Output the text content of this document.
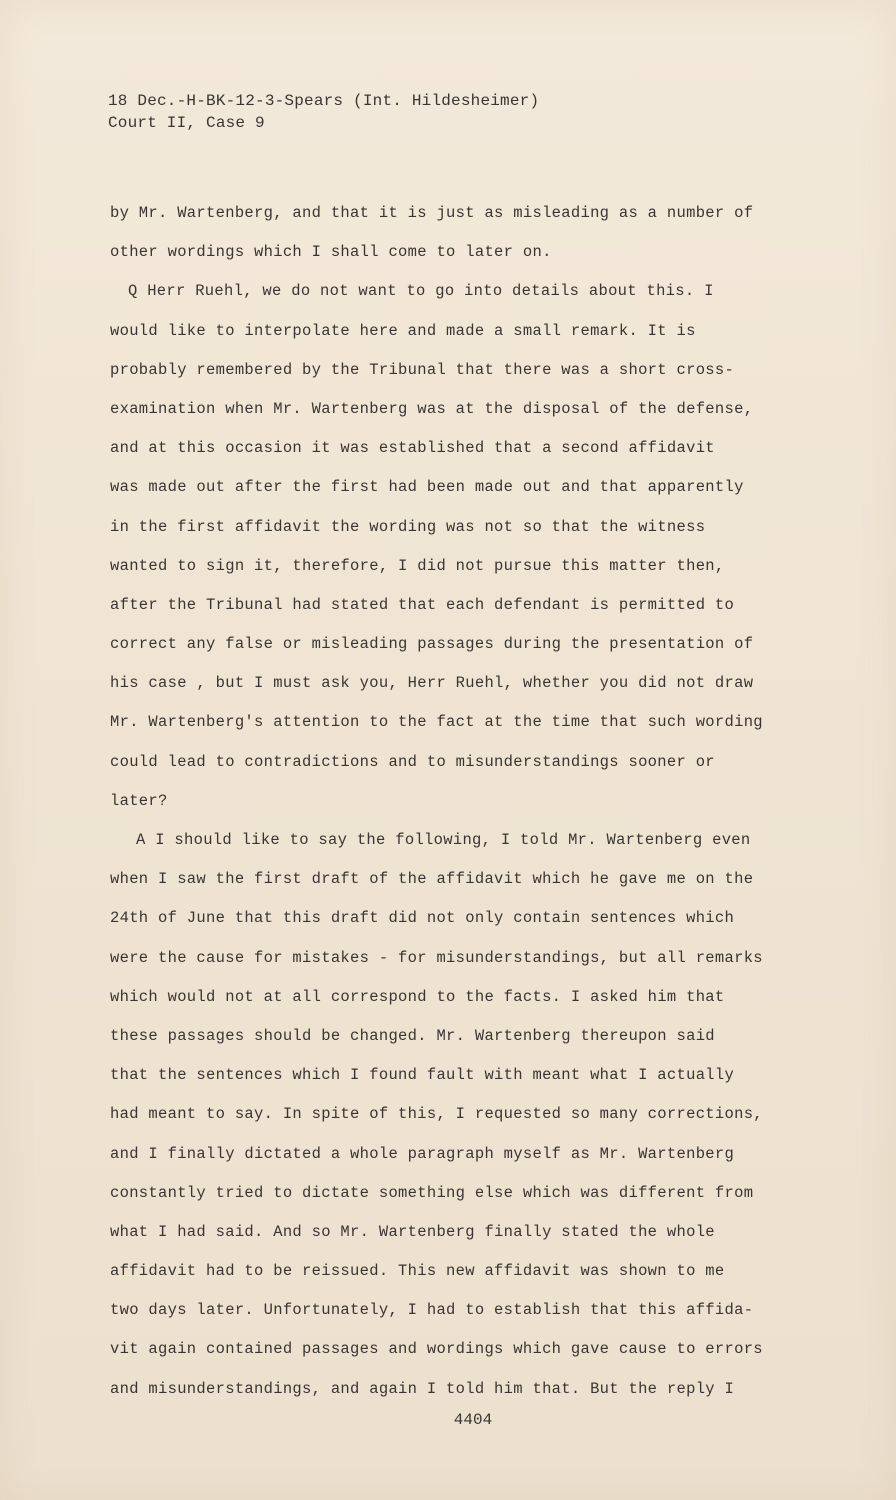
18 Dec.-H-BK-12-3-Spears (Int. Hildesheimer)
Court II, Case 9
by Mr. Wartenberg, and that it is just as misleading as a number of
other wordings which I shall come to later on.
Q Herr Ruehl, we do not want to go into details about this. I
would like to interpolate here and made a small remark. It is
probably remembered by the Tribunal that there was a short cross-
examination when Mr. Wartenberg was at the disposal of the defense,
and at this occasion it was established that a second affidavit
was made out after the first had been made out and that apparently
in the first affidavit the wording was not so that the witness
wanted to sign it, therefore, I did not pursue this matter then,
after the Tribunal had stated that each defendant is permitted to
correct any false or misleading passages during the presentation of
his case , but I must ask you, Herr Ruehl, whether you did not draw
Mr. Wartenberg's attention to the fact at the time that such wording
could lead to contradictions and to misunderstandings sooner or
later?
A I should like to say the following, I told Mr. Wartenberg even
when I saw the first draft of the affidavit which he gave me on the
24th of June that this draft did not only contain sentences which
were the cause for mistakes - for misunderstandings, but all remarks
which would not at all correspond to the facts. I asked him that
these passages should be changed. Mr. Wartenberg thereupon said
that the sentences which I found fault with meant what I actually
had meant to say. In spite of this, I requested so many corrections,
and I finally dictated a whole paragraph myself as Mr. Wartenberg
constantly tried to dictate something else which was different from
what I had said. And so Mr. Wartenberg finally stated the whole
affidavit had to be reissued. This new affidavit was shown to me
two days later. Unfortunately, I had to establish that this affida-
vit again contained passages and wordings which gave cause to errors
and misunderstandings, and again I told him that. But the reply I
4404
